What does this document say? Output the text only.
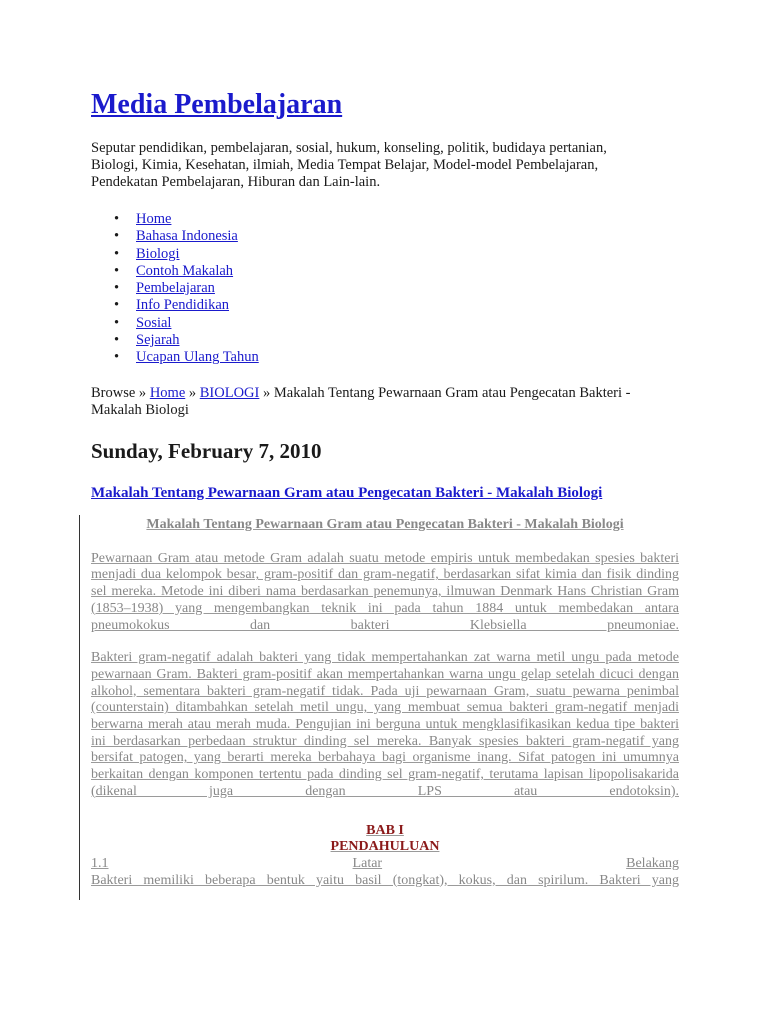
Media Pembelajaran

Seputar pendidikan, pembelajaran, sosial, hukum, konseling, politik, budidaya pertanian, Biologi, Kimia, Kesehatan, ilmiah, Media Tempat Belajar, Model-model Pembelajaran, Pendekatan Pembelajaran, Hiburan dan Lain-lain.

• Home
• Bahasa Indonesia
• Biologi
• Contoh Makalah
• Pembelajaran
• Info Pendidikan
• Sosial
• Sejarah
• Ucapan Ulang Tahun

Browse » Home » BIOLOGI » Makalah Tentang Pewarnaan Gram atau Pengecatan Bakteri - Makalah Biologi

Sunday, February 7, 2010
Makalah Tentang Pewarnaan Gram atau Pengecatan Bakteri - Makalah Biologi

Makalah Tentang Pewarnaan Gram atau Pengecatan Bakteri - Makalah Biologi

Pewarnaan Gram atau metode Gram adalah suatu metode empiris untuk membedakan spesies bakteri menjadi dua kelompok besar, gram-positif dan gram-negatif, berdasarkan sifat kimia dan fisik dinding sel mereka. Metode ini diberi nama berdasarkan penemunya, ilmuwan Denmark Hans Christian Gram (1853–1938) yang mengembangkan teknik ini pada tahun 1884 untuk membedakan antara pneumokokus dan bakteri Klebsiella pneumoniae.

Bakteri gram-negatif adalah bakteri yang tidak mempertahankan zat warna metil ungu pada metode pewarnaan Gram. Bakteri gram-positif akan mempertahankan warna ungu gelap setelah dicuci dengan alkohol, sementara bakteri gram-negatif tidak. Pada uji pewarnaan Gram, suatu pewarna penimbal (counterstain) ditambahkan setelah metil ungu, yang membuat semua bakteri gram-negatif menjadi berwarna merah atau merah muda. Pengujian ini berguna untuk mengklasifikasikan kedua tipe bakteri ini berdasarkan perbedaan struktur dinding sel mereka. Banyak spesies bakteri gram-negatif yang bersifat patogen, yang berarti mereka berbahaya bagi organisme inang. Sifat patogen ini umumnya berkaitan dengan komponen tertentu pada dinding sel gram-negatif, terutama lapisan lipopolisakarida (dikenal juga dengan LPS atau endotoksin).

BAB I

PENDAHULUAN

1.1	Latar	Belakang

Bakteri memiliki beberapa bentuk yaitu basil (tongkat), kokus, dan spirilum. Bakteri yang
